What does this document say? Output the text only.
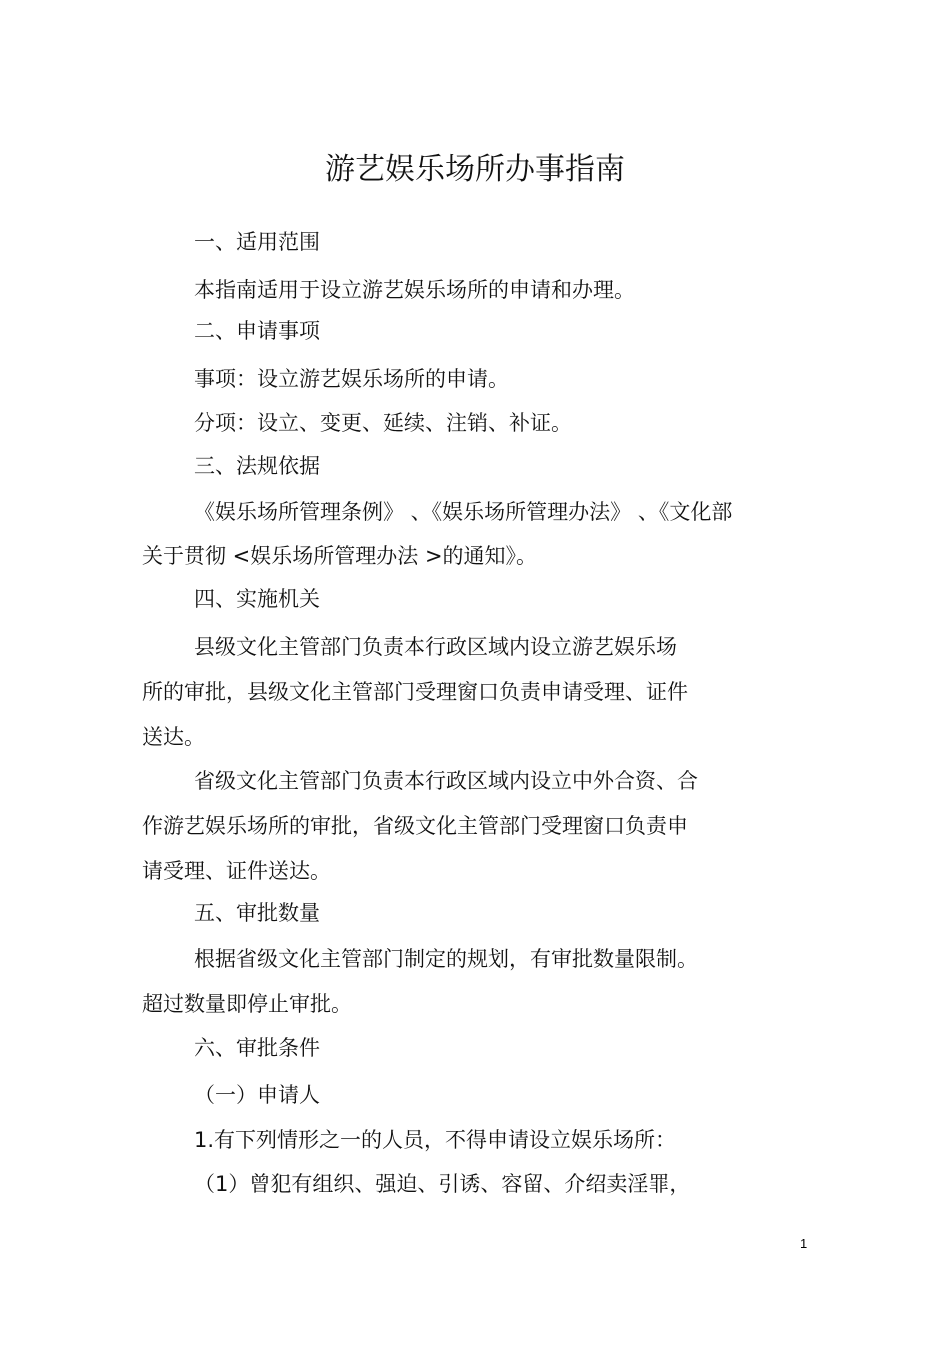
游艺娱乐场所办事指南
一、适用范围
本指南适用于设立游艺娱乐场所的申请和办理。
二、申请事项
事项：设立游艺娱乐场所的申请。
分项：设立、变更、延续、注销、补证。
三、法规依据
《娱乐场所管理条例》 、《娱乐场所管理办法》 、《文化部
关于贯彻 <娱乐场所管理办法 >的通知》。
四、实施机关
县级文化主管部门负责本行政区域内设立游艺娱乐场
所的审批，县级文化主管部门受理窗口负责申请受理、证件
送达。
省级文化主管部门负责本行政区域内设立中外合资、合
作游艺娱乐场所的审批，省级文化主管部门受理窗口负责申
请受理、证件送达。
五、审批数量
根据省级文化主管部门制定的规划，有审批数量限制。
超过数量即停止审批。
六、审批条件
（一）申请人
1.有下列情形之一的人员，不得申请设立娱乐场所：
（1）曾犯有组织、强迫、引诱、容留、介绍卖淫罪，
1
